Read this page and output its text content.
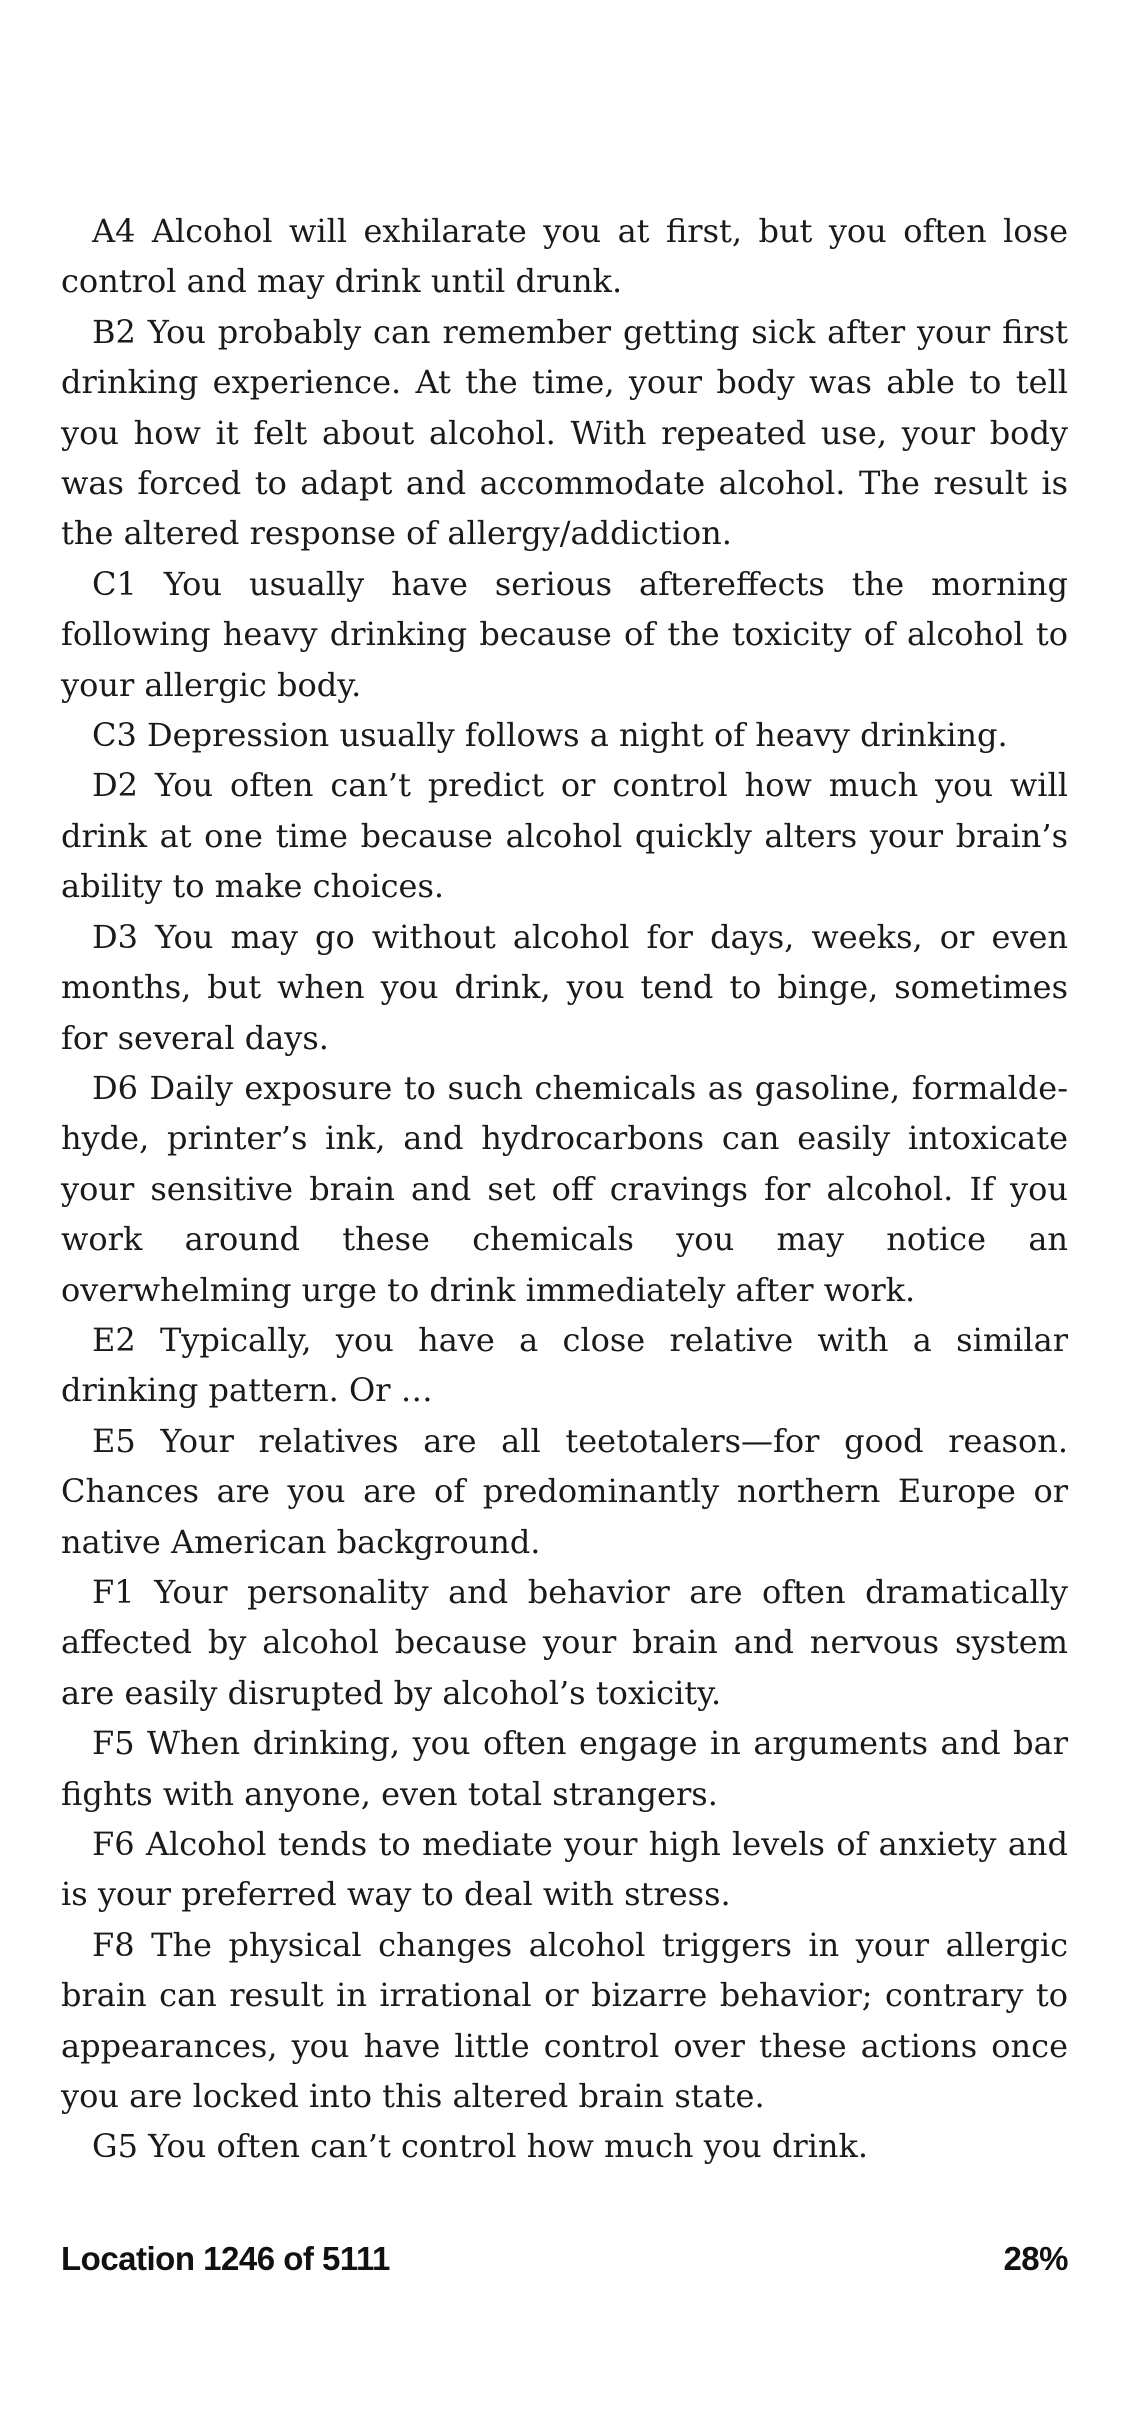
A4 Alcohol will exhilarate you at first, but you often lose control and may drink until drunk.

B2 You probably can remember getting sick after your first drinking experience. At the time, your body was able to tell you how it felt about alcohol. With repeated use, your body was forced to adapt and accommodate alcohol. The result is the altered response of allergy/addiction.

C1 You usually have serious aftereffects the morning following heavy drinking because of the toxicity of alcohol to your allergic body.

C3 Depression usually follows a night of heavy drinking.

D2 You often can’t predict or control how much you will drink at one time because alcohol quickly alters your brain’s ability to make choices.

D3 You may go without alcohol for days, weeks, or even months, but when you drink, you tend to binge, sometimes for several days.

D6 Daily exposure to such chemicals as gasoline, formaldehyde, printer’s ink, and hydrocarbons can easily intoxicate your sensitive brain and set off cravings for alcohol. If you work around these chemicals you may notice an overwhelming urge to drink immediately after work.

E2 Typically, you have a close relative with a similar drinking pattern. Or …

E5 Your relatives are all teetotalers—for good reason. Chances are you are of predominantly northern Europe or native American background.

F1 Your personality and behavior are often dramatically affected by alcohol because your brain and nervous system are easily disrupted by alcohol’s toxicity.

F5 When drinking, you often engage in arguments and bar fights with anyone, even total strangers.

F6 Alcohol tends to mediate your high levels of anxiety and is your preferred way to deal with stress.

F8 The physical changes alcohol triggers in your allergic brain can result in irrational or bizarre behavior; contrary to appearances, you have little control over these actions once you are locked into this altered brain state.

G5 You often can’t control how much you drink.

Location 1246 of 5111	28%
